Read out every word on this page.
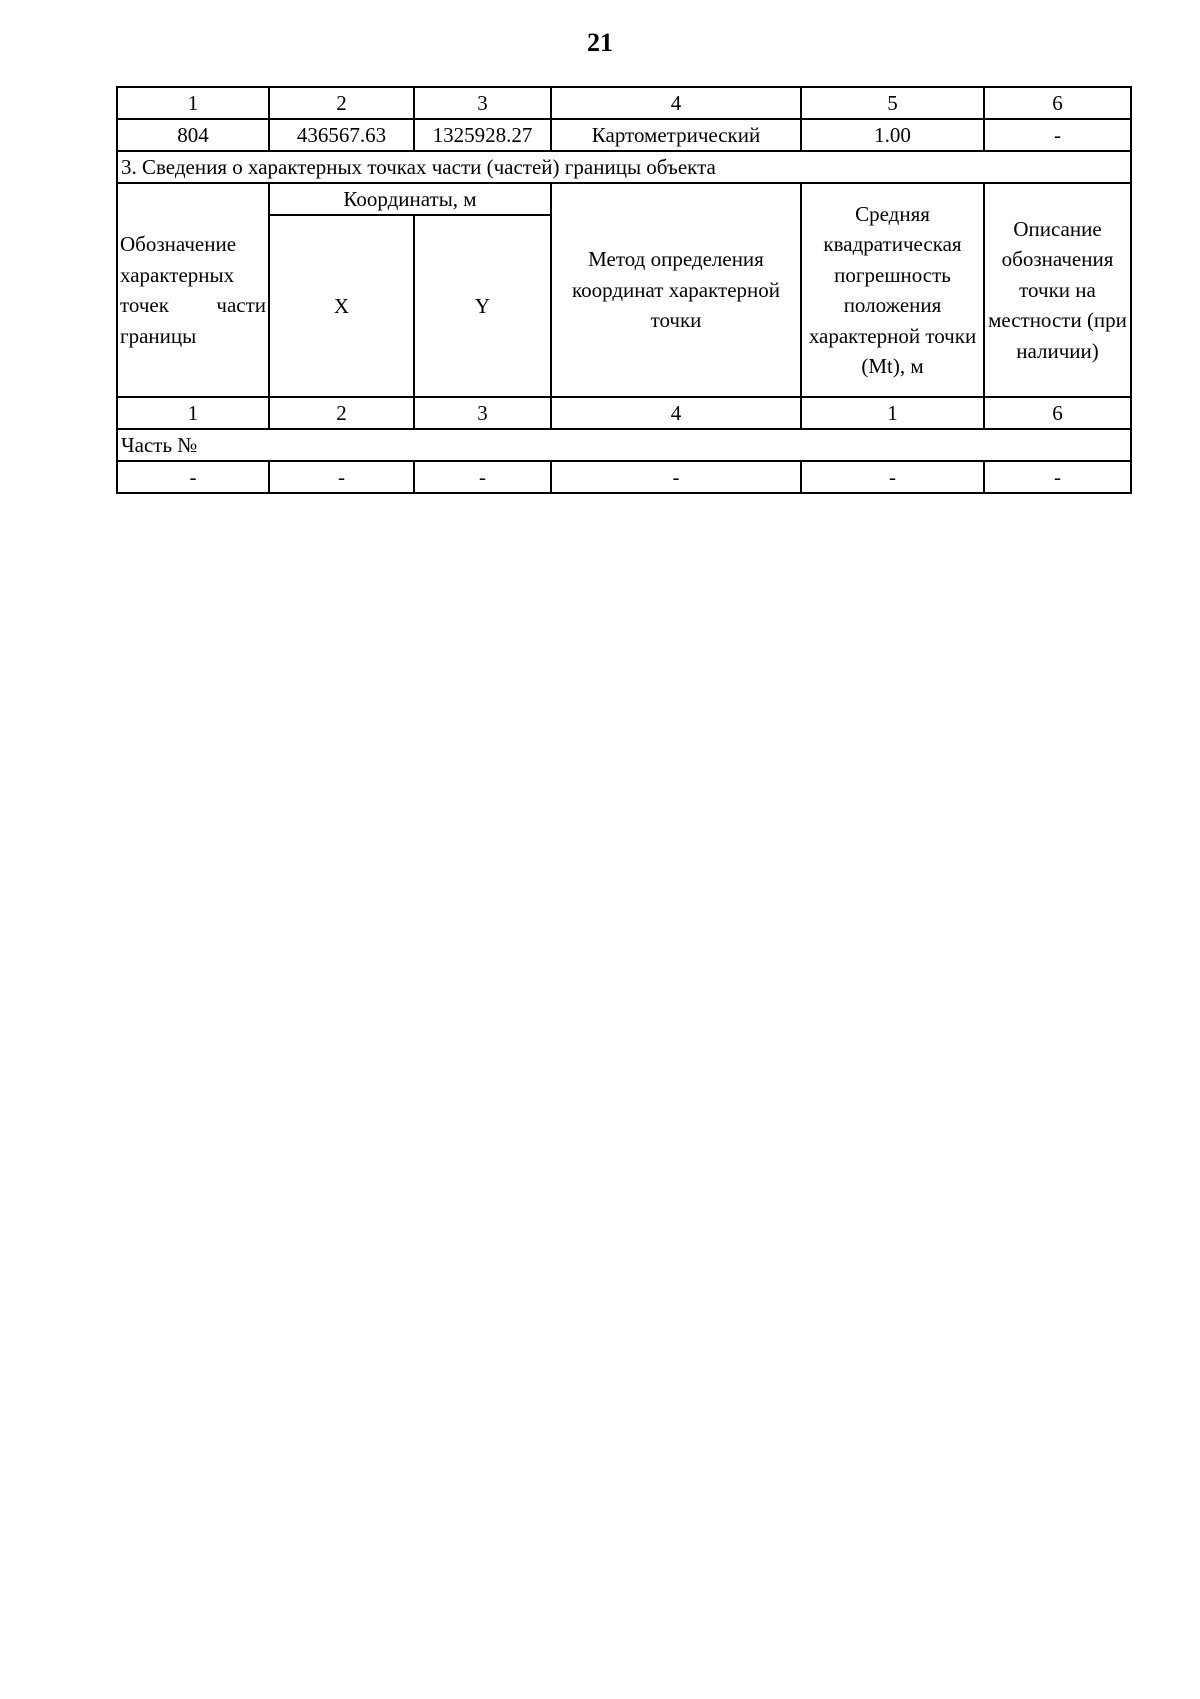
21
1	2	3	4	5	6
804	436567.63	1325928.27	Картометрический	1.00	-
3. Сведения о характерных точках части (частей) границы объекта					
Обозначение характерных точек части границы	Координаты, м		Метод определения координат характерной точки	Средняя квадратическая погрешность положения характерной точки (Mt), м	Описание обозначения точки на местности (при наличии)
	X	Y			
1	2	3	4	1	6
Часть №					
-	-	-	-	-	-
